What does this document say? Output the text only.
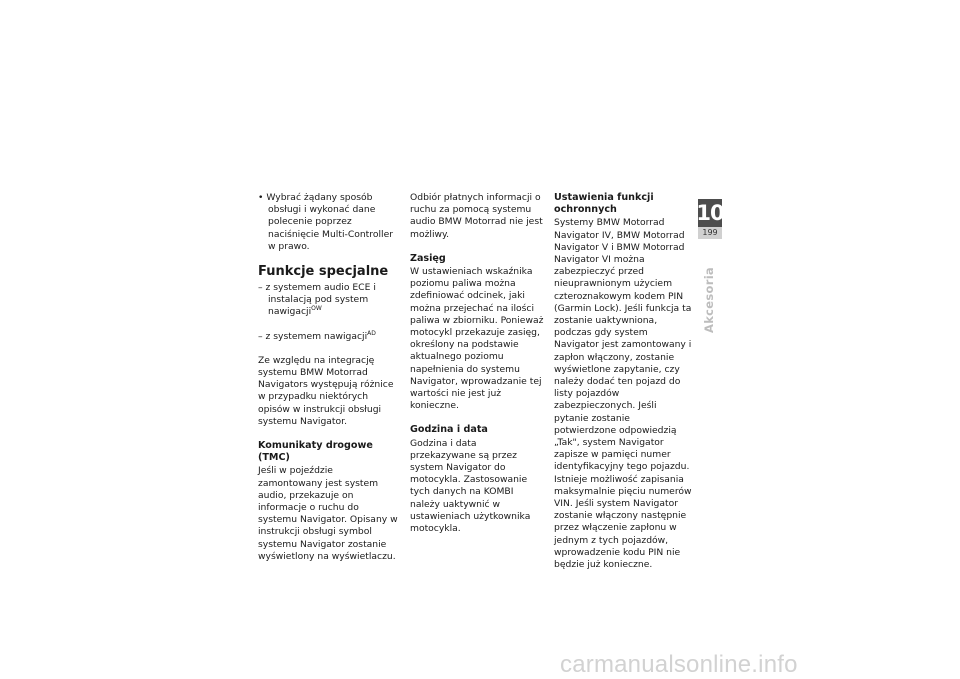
• Wybrać żądany sposób obsługi i wykonać dane polecenie poprzez naciśnięcie Multi-Controller w prawo.

Funkcje specjalne

– z systemem audio ECE i instalacją pod system nawigacji$^{OW}$

– z systemem nawigacji$^{AD}$

Ze względu na integrację systemu BMW Motorrad Navigators występują różnice w przypadku niektórych opisów w instrukcji obsługi systemu Navigator.

Komunikaty drogowe (TMC)

Jeśli w pojeździe zamontowany jest system audio, przekazuje on informacje o ruchu do systemu Navigator. Opisany w instrukcji obsługi symbol systemu Navigator zostanie wyświetlony na wyświetlaczu.

Odbiór płatnych informacji o ruchu za pomocą systemu audio BMW Motorrad nie jest możliwy.

Zasięg

W ustawieniach wskaźnika poziomu paliwa można zdefiniować odcinek, jaki można przejechać na ilości paliwa w zbiorniku. Ponieważ motocykl przekazuje zasięg, określony na podstawie aktualnego poziomu napełnienia do systemu Navigator, wprowadzanie tej wartości nie jest już konieczne.

Godzina i data

Godzina i data przekazywane są przez system Navigator do motocykla. Zastosowanie tych danych na KOMBI należy uaktywnić w ustawieniach użytkownika motocykla.

Ustawienia funkcji ochronnych

Systemy BMW Motorrad Navigator IV, BMW Motorrad Navigator V i BMW Motorrad Navigator VI można zabezpieczyć przed nieuprawnionym użyciem czteroznakowym kodem PIN (Garmin Lock). Jeśli funkcja ta zostanie uaktywniona, podczas gdy system Navigator jest zamontowany i zapłon włączony, zostanie wyświetlone zapytanie, czy należy dodać ten pojazd do listy pojazdów zabezpieczonych. Jeśli pytanie zostanie potwierdzone odpowiedzią „Tak", system Navigator zapisze w pamięci numer identyfikacyjny tego pojazdu. Istnieje możliwość zapisania maksymalnie pięciu numerów VIN. Jeśli system Navigator zostanie włączony następnie przez włączenie zapłonu w jednym z tych pojazdów, wprowadzenie kodu PIN nie będzie już konieczne.

10
199
Akcesoria
carmanualsonline.info
